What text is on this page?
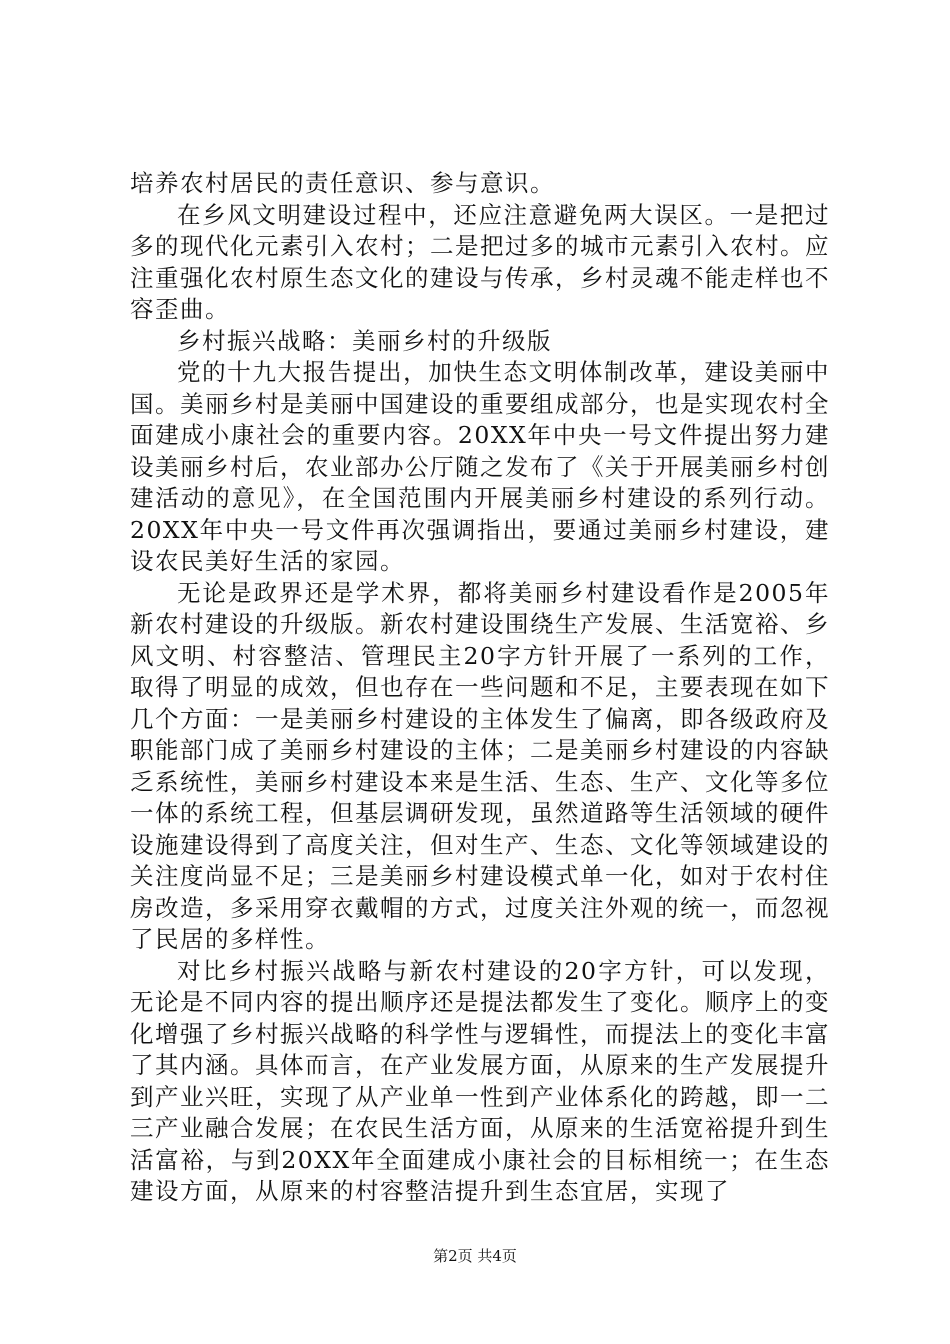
培养农村居民的责任意识、参与意识。

在乡风文明建设过程中，还应注意避免两大误区。一是把过多的现代化元素引入农村；二是把过多的城市元素引入农村。应注重强化农村原生态文化的建设与传承，乡村灵魂不能走样也不容歪曲。

乡村振兴战略：美丽乡村的升级版

党的十九大报告提出，加快生态文明体制改革，建设美丽中国。美丽乡村是美丽中国建设的重要组成部分，也是实现农村全面建成小康社会的重要内容。20XX年中央一号文件提出努力建设美丽乡村后，农业部办公厅随之发布了《关于开展美丽乡村创建活动的意见》，在全国范围内开展美丽乡村建设的系列行动。20XX年中央一号文件再次强调指出，要通过美丽乡村建设，建设农民美好生活的家园。

无论是政界还是学术界，都将美丽乡村建设看作是2005年新农村建设的升级版。新农村建设围绕生产发展、生活宽裕、乡风文明、村容整洁、管理民主20字方针开展了一系列的工作，取得了明显的成效，但也存在一些问题和不足，主要表现在如下几个方面：一是美丽乡村建设的主体发生了偏离，即各级政府及职能部门成了美丽乡村建设的主体；二是美丽乡村建设的内容缺乏系统性，美丽乡村建设本来是生活、生态、生产、文化等多位一体的系统工程，但基层调研发现，虽然道路等生活领域的硬件设施建设得到了高度关注，但对生产、生态、文化等领域建设的关注度尚显不足；三是美丽乡村建设模式单一化，如对于农村住房改造，多采用穿衣戴帽的方式，过度关注外观的统一，而忽视了民居的多样性。

对比乡村振兴战略与新农村建设的20字方针，可以发现，无论是不同内容的提出顺序还是提法都发生了变化。顺序上的变化增强了乡村振兴战略的科学性与逻辑性，而提法上的变化丰富了其内涵。具体而言，在产业发展方面，从原来的生产发展提升到产业兴旺，实现了从产业单一性到产业体系化的跨越，即一二三产业融合发展；在农民生活方面，从原来的生活宽裕提升到生活富裕，与到20XX年全面建成小康社会的目标相统一；在生态建设方面，从原来的村容整洁提升到生态宜居，实现了

第2页 共4页
